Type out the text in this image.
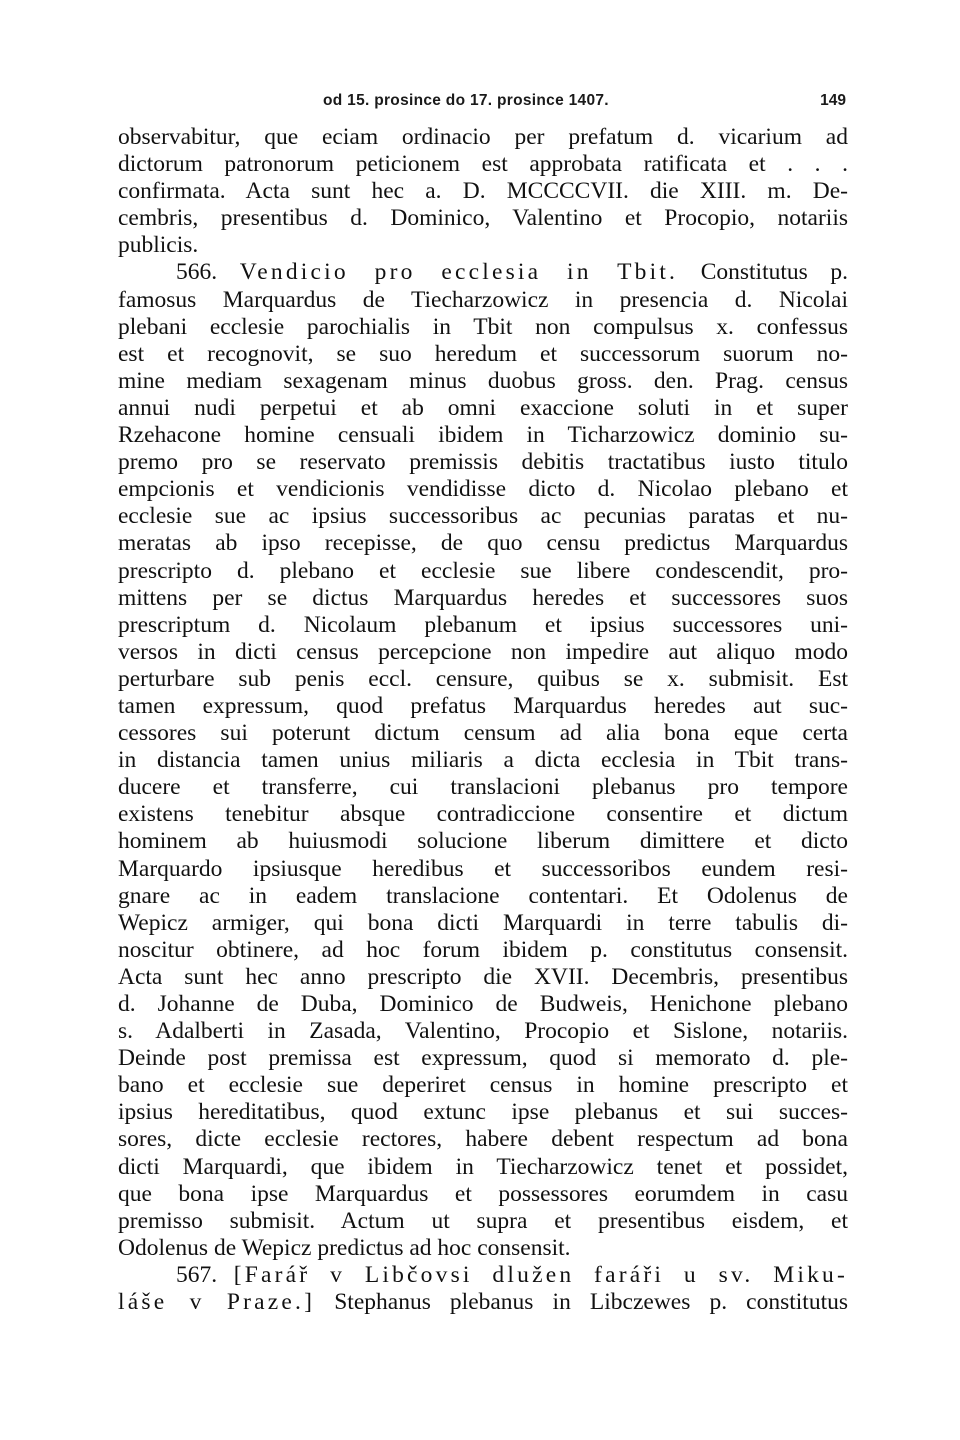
od 15. prosince do 17. prosince 1407.	149
observabitur, que eciam ordinacio per prefatum d. vicarium ad
dictorum patronorum peticionem est approbata ratificata et . . .
confirmata. Acta sunt hec a. D. MCCCCVII. die XIII. m. De-
cembris, presentibus d. Dominico, Valentino et Procopio, notariis
publicis.
566. Vendicio pro ecclesia in Tbit. Constitutus p.
famosus Marquardus de Tiecharzowicz in presencia d. Nicolai
plebani ecclesie parochialis in Tbit non compulsus x. confessus
est et recognovit, se suo heredum et successorum suorum no-
mine mediam sexagenam minus duobus gross. den. Prag. census
annui nudi perpetui et ab omni exaccione soluti in et super
Rzehacone homine censuali ibidem in Ticharzowicz dominio su-
premo pro se reservato premissis debitis tractatibus iusto titulo
empcionis et vendicionis vendidisse dicto d. Nicolao plebano et
ecclesie sue ac ipsius successoribus ac pecunias paratas et nu-
meratas ab ipso recepisse, de quo censu predictus Marquardus
prescripto d. plebano et ecclesie sue libere condescendit, pro-
mittens per se dictus Marquardus heredes et successores suos
prescriptum d. Nicolaum plebanum et ipsius successores uni-
versos in dicti census percepcione non impedire aut aliquo modo
perturbare sub penis eccl. censure, quibus se x. submisit. Est
tamen expressum, quod prefatus Marquardus heredes aut suc-
cessores sui poterunt dictum censum ad alia bona eque certa
in distancia tamen unius miliaris a dicta ecclesia in Tbit trans-
ducere et transferre, cui translacioni plebanus pro tempore
existens tenebitur absque contradiccione consentire et dictum
hominem ab huiusmodi solucione liberum dimittere et dicto
Marquardo ipsiusque heredibus et successoribos eundem resi-
gnare ac in eadem translacione contentari. Et Odolenus de
Wepicz armiger, qui bona dicti Marquardi in terre tabulis di-
noscitur obtinere, ad hoc forum ibidem p. constitutus consensit.
Acta sunt hec anno prescripto die XVII. Decembris, presentibus
d. Johanne de Duba, Dominico de Budweis, Henichone plebano
s. Adalberti in Zasada, Valentino, Procopio et Sislone, notariis.
Deinde post premissa est expressum, quod si memorato d. ple-
bano et ecclesie sue deperiret census in homine prescripto et
ipsius hereditatibus, quod extunc ipse plebanus et sui succes-
sores, dicte ecclesie rectores, habere debent respectum ad bona
dicti Marquardi, que ibidem in Tiecharzowicz tenet et possidet,
que bona ipse Marquardus et possessores eorumdem in casu
premisso submisit. Actum ut supra et presentibus eisdem, et
Odolenus de Wepicz predictus ad hoc consensit.
567. [Farář v Libčovsi dlužen faráři u sv. Miku-
láše v Praze.] Stephanus plebanus in Libczewes p. constitutus
